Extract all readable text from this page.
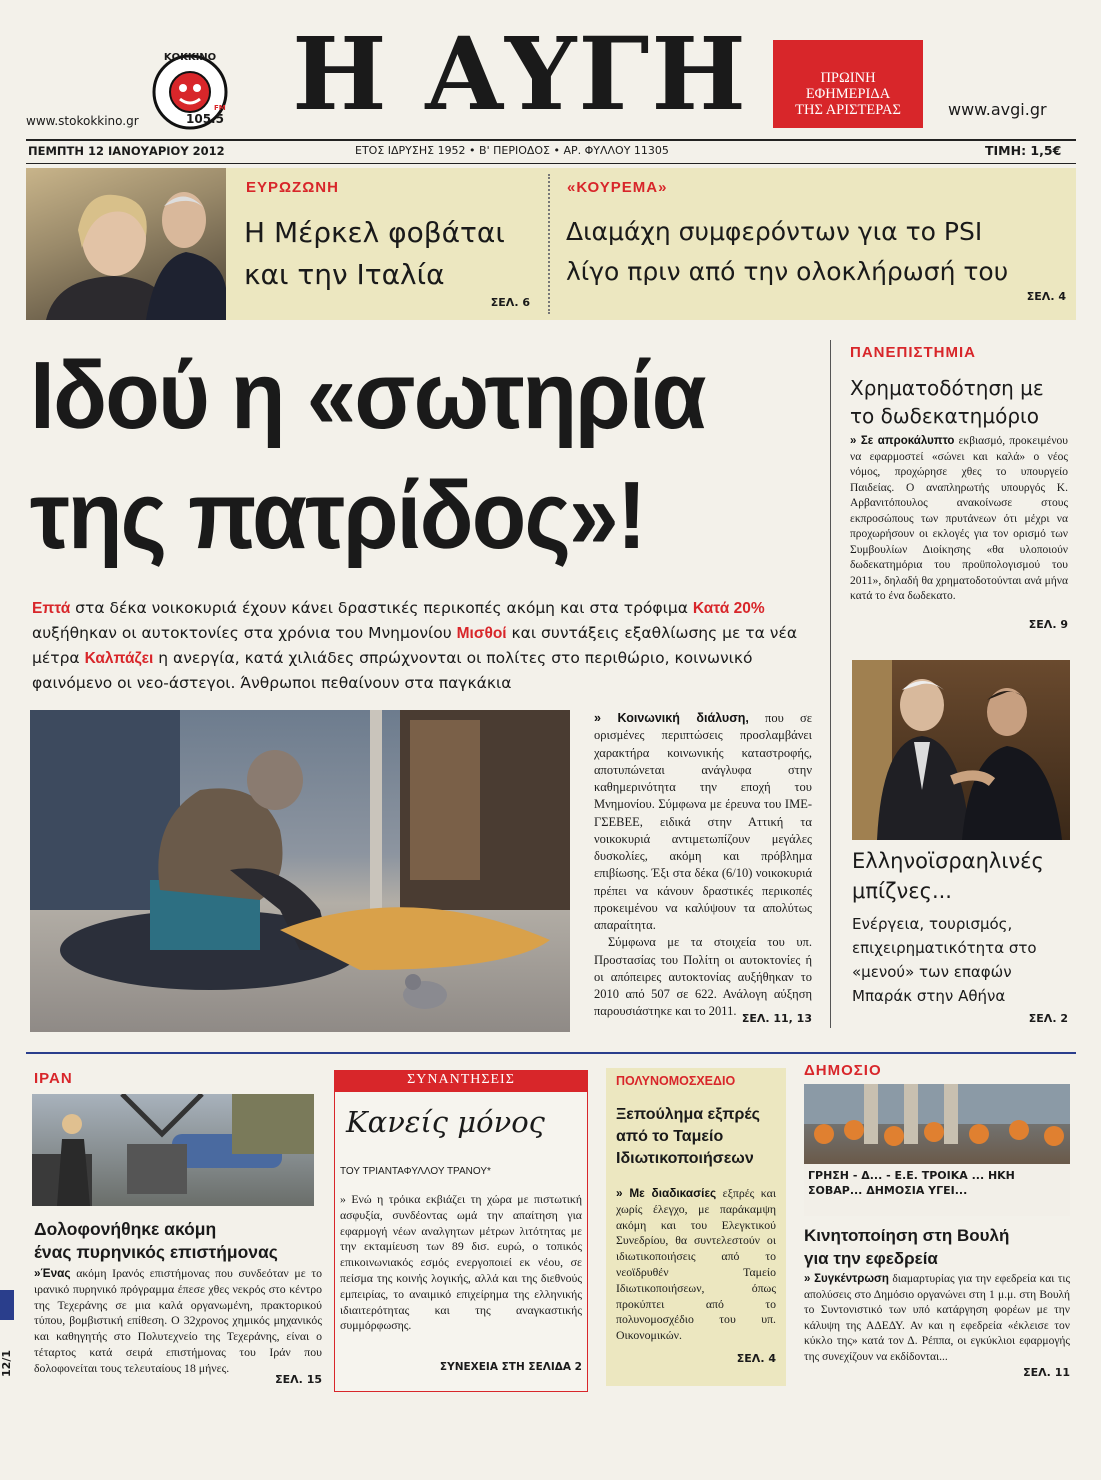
www.stokokkino.gr
ΚΟΚΚΙΝΟ
105.5
FM Η ΑΥΓΗ	ΠΡΩΙΝΗ
ΕΦΗΜΕΡΙΔΑ
ΤΗΣ ΑΡΙΣΤΕΡΑΣ	www.avgi.gr
ΠΕΜΠΤΗ 12 ΙΑΝΟΥΑΡΙΟΥ 2012	ΕΤΟΣ ΙΔΡΥΣΗΣ 1952 • Β' ΠΕΡΙΟΔΟΣ • ΑΡ. ΦΥΛΛΟΥ 11305	ΤΙΜΗ: 1,5€
ΕΥΡΩΖΩΝΗ
Η Μέρκελ φοβάται
και την Ιταλία
ΣΕΛ. 6
«ΚΟΥΡΕΜΑ»
Διαμάχη συμφερόντων για το PSI
λίγο πριν από την ολοκλήρωσή του
ΣΕΛ. 4
Ιδού η «σωτηρία
της πατρίδος»!
Επτά στα δέκα νοικοκυριά έχουν κάνει δραστικές περικοπές ακόμη και στα τρόφιμα Κατά 20% αυξήθηκαν οι αυτοκτονίες στα χρόνια του Μνημονίου Μισθοί και συντάξεις εξαθλίωσης με τα νέα μέτρα Καλπάζει η ανεργία, κατά χιλιάδες σπρώχνονται οι πολίτες στο περιθώριο, κοινωνικό φαινόμενο οι νεο-άστεγοι. Άνθρωποι πεθαίνουν στα παγκάκια
» Κοινωνική διάλυση, που σε ορισμένες περιπτώσεις προσλαμβάνει χαρακτήρα κοινωνικής καταστροφής, αποτυπώνεται ανάγλυφα στην καθημερινότητα την εποχή του Μνημονίου. Σύμφωνα με έρευνα του ΙΜΕ-ΓΣΕΒΕΕ, ειδικά στην Αττική τα νοικοκυριά αντιμετωπίζουν μεγάλες δυσκολίες, ακόμη και πρόβλημα επιβίωσης. Έξι στα δέκα (6/10) νοικοκυριά πρέπει να κάνουν δραστικές περικοπές προκειμένου να καλύψουν τα απολύτως απαραίτητα.
Σύμφωνα με τα στοιχεία του υπ. Προστασίας του Πολίτη οι αυτοκτονίες ή οι απόπειρες αυτοκτονίας αυξήθηκαν το 2010 από 507 σε 622. Ανάλογη αύξηση παρουσιάστηκε και το 2011.
ΣΕΛ. 11, 13
ΠΑΝΕΠΙΣΤΗΜΙΑ
Χρηματοδότηση με
το δωδεκατημόριο
» Σε απροκάλυπτο εκβιασμό, προκειμένου να εφαρμοστεί «σώνει και καλά» ο νέος νόμος, προχώρησε χθες το υπουργείο Παιδείας. Ο αναπληρωτής υπουργός Κ. Αρβανιτόπουλος ανακοίνωσε στους εκπροσώπους των πρυτάνεων ότι μέχρι να προχωρήσουν οι εκλογές για τον ορισμό των Συμβουλίων Διοίκησης «θα υλοποιούν δωδεκατημόρια του προϋπολογισμού του 2011», δηλαδή θα χρηματοδοτούνται ανά μήνα κατά το ένα δωδεκατο.
ΣΕΛ. 9
Ελληνοϊσραηλινές
μπίζνες...
Ενέργεια, τουρισμός,
επιχειρηματικότητα στο
«μενού» των επαφών
Μπαράκ στην Αθήνα
ΣΕΛ. 2
ΙΡΑΝ
Δολοφονήθηκε ακόμη
ένας πυρηνικός επιστήμονας
»Ένας ακόμη Ιρανός επιστήμονας που συνδεόταν με το ιρανικό πυρηνικό πρόγραμμα έπεσε χθες νεκρός στο κέντρο της Τεχεράνης σε μια καλά οργανωμένη, πρακτορικού τύπου, βομβιστική επίθεση. Ο 32χρονος χημικός μηχανικός και καθηγητής στο Πολυτεχνείο της Τεχεράνης, είναι ο τέταρτος κατά σειρά επιστήμονας του Ιράν που δολοφονείται τους τελευταίους 18 μήνες.
ΣΕΛ. 15
ΣΥΝΑΝΤΗΣΕΙΣ
Κανείς μόνος
ΤΟΥ ΤΡΙΑΝΤΑΦΥΛΛΟΥ ΤΡΑΝΟΥ*
» Ενώ η τρόικα εκβιάζει τη χώρα με πιστωτική ασφυξία, συνδέοντας ωμά την απαίτηση για εφαρμογή νέων αναλγητων μέτρων λιτότητας με την εκταμίευση των 89 δισ. ευρώ, ο τοπικός επικοινωνιακός εσμός ενεργοποιεί εκ νέου, σε πείσμα της κοινής λογικής, αλλά και της διεθνούς εμπειρίας, το αναιμικό επιχείρημα της ελληνικής ιδιαιτερότητας και της αναγκαστικής συμμόρφωσης.
ΣΥΝΕΧΕΙΑ ΣΤΗ ΣΕΛΙΔΑ 2
ΠΟΛΥΝΟΜΟΣΧΕΔΙΟ
Ξεπούλημα εξπρές
από το Ταμείο
Ιδιωτικοποιήσεων
» Με διαδικασίες εξπρές και χωρίς έλεγχο, με παράκαμψη ακόμη και του Ελεγκτικού Συνεδρίου, θα συντελεστούν οι ιδιωτικοποιήσεις από το νεοϊδρυθέν Ταμείο Ιδιωτικοποιήσεων, όπως προκύπτει από το πολυνομοσχέδιο του υπ. Οικονομικών.
ΣΕΛ. 4
ΔΗΜΟΣΙΟ
ΓΡΗΣΗ - Δ... - Ε.Ε. ΤΡΟΙΚΑ ... ΗΚΗ ΣΟΒΑΡ... ΔΗΜΟΣΙΑ ΥΓΕΙ...
Κινητοποίηση στη Βουλή
για την εφεδρεία
» Συγκέντρωση διαμαρτυρίας για την εφεδρεία και τις απολύσεις στο Δημόσιο οργανώνει στη 1 μ.μ. στη Βουλή το Συντονιστικό των υπό κατάργηση φορέων με την κάλυψη της ΑΔΕΔΥ. Αν και η εφεδρεία «έκλεισε τον κύκλο της» κατά τον Δ. Ρέππα, οι εγκύκλιοι εφαρμογής της συνεχίζουν να εκδίδονται...
ΣΕΛ. 11
12/1
